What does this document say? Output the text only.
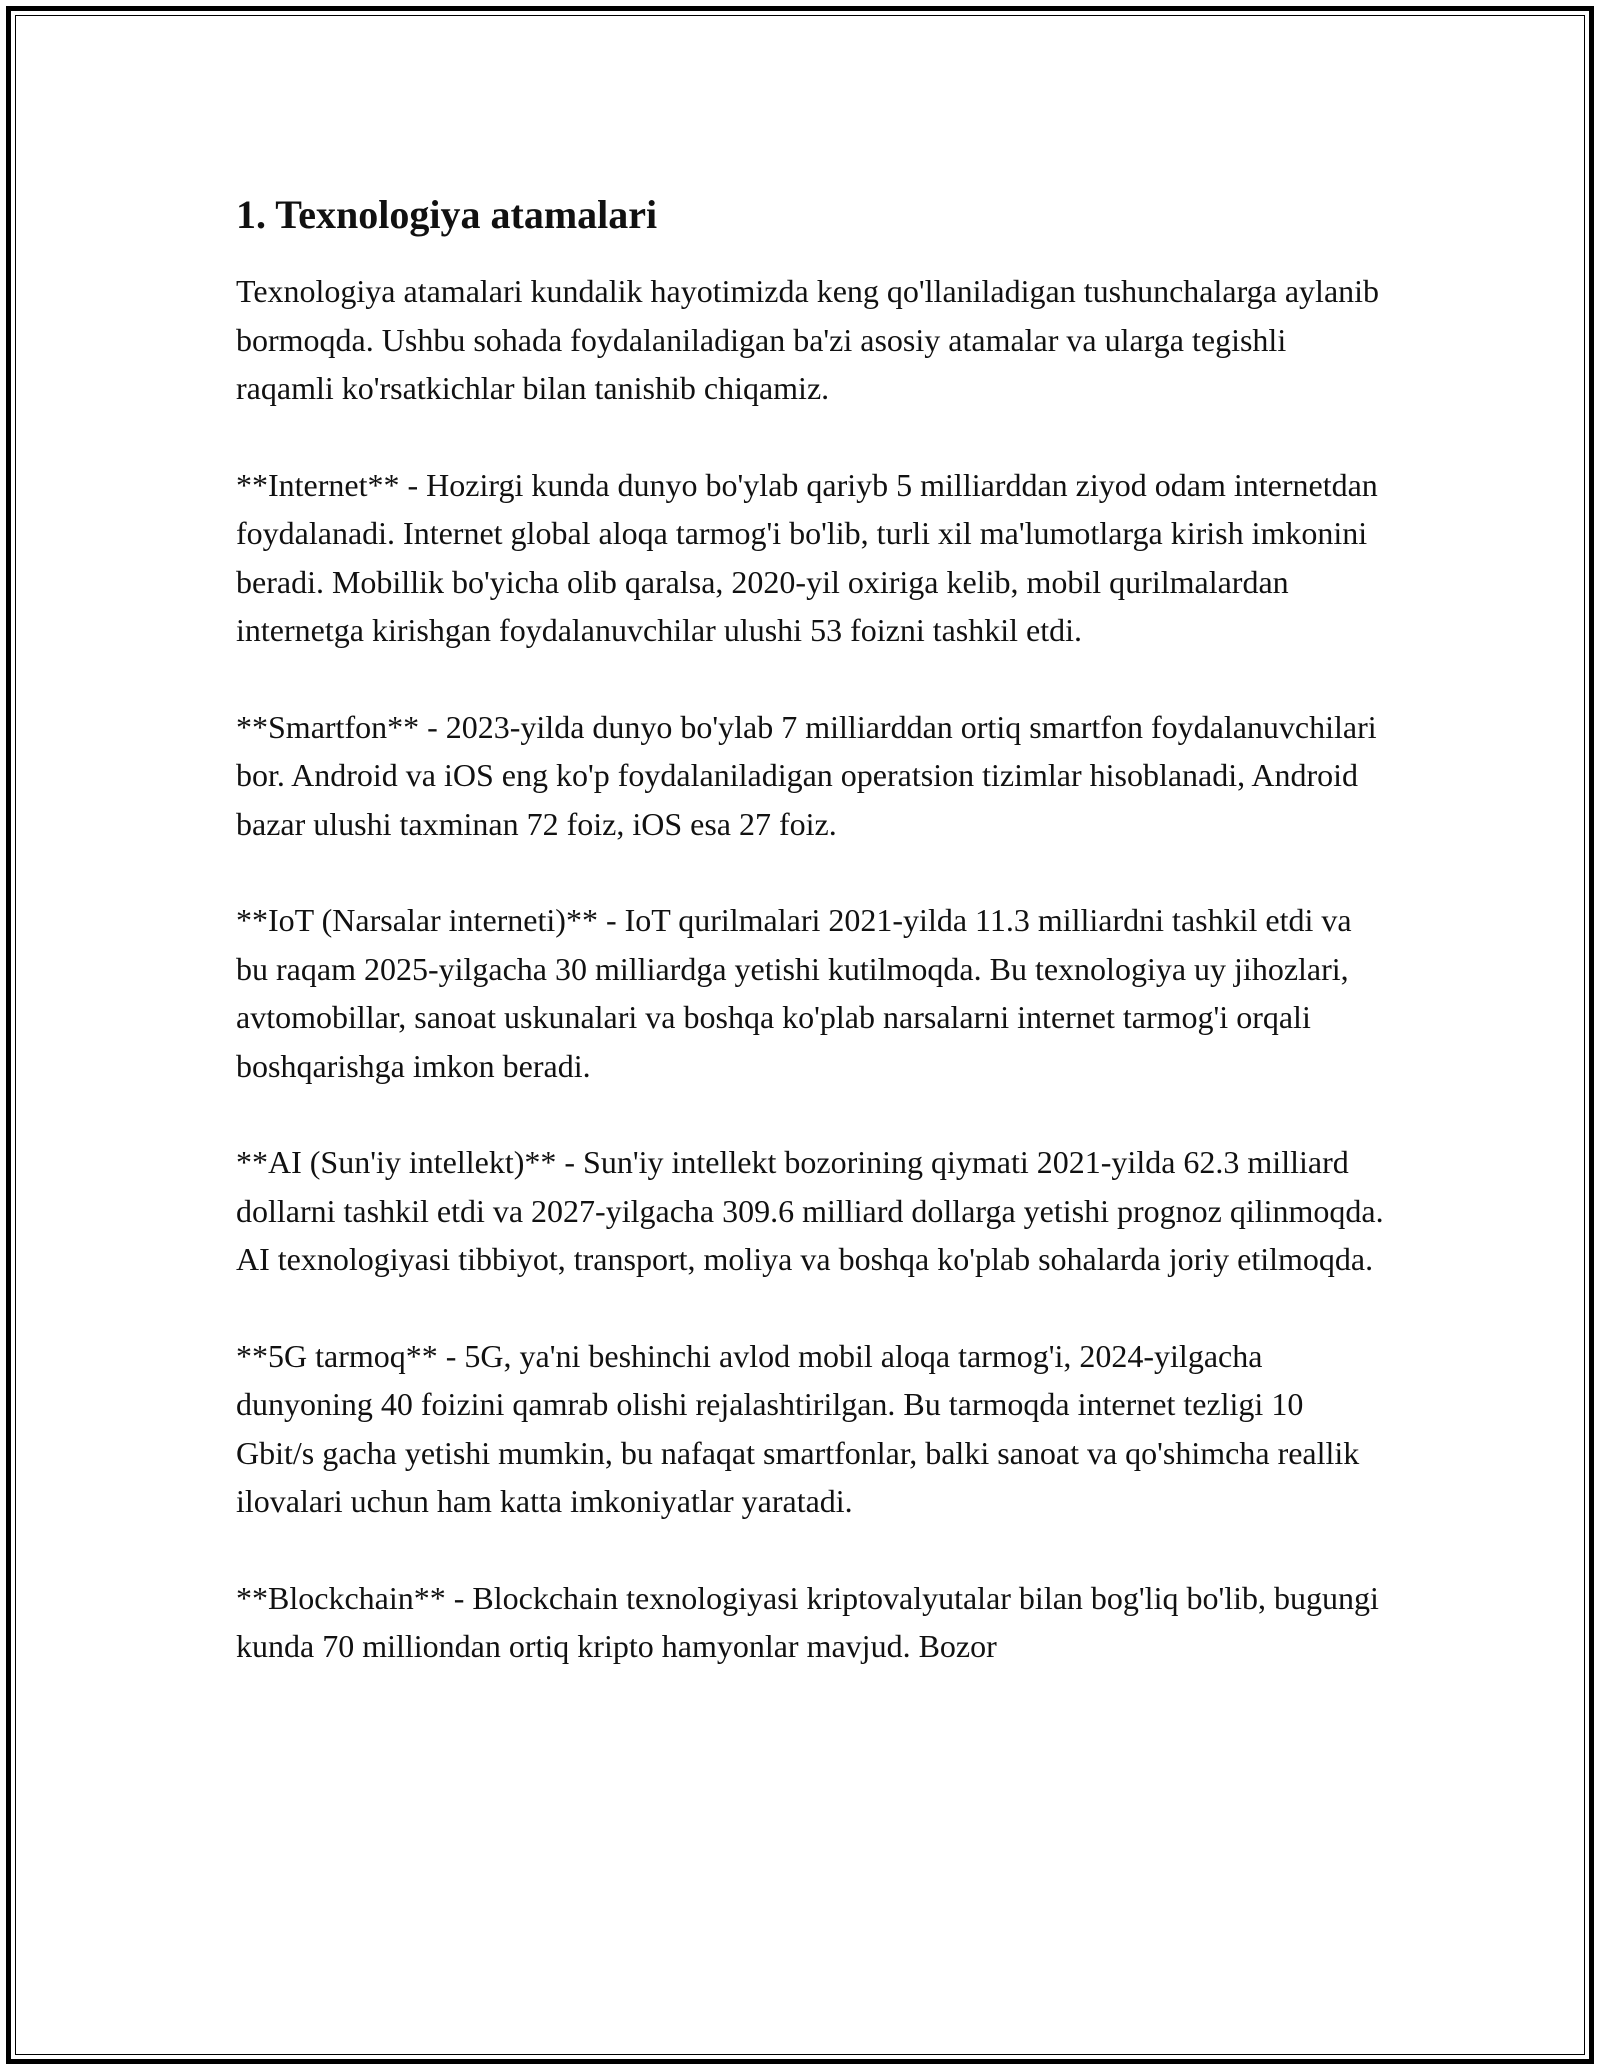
1. Texnologiya atamalari

Texnologiya atamalari kundalik hayotimizda keng qo'llaniladigan tushunchalarga aylanib bormoqda. Ushbu sohada foydalaniladigan ba'zi asosiy atamalar va ularga tegishli raqamli ko'rsatkichlar bilan tanishib chiqamiz.

**Internet** - Hozirgi kunda dunyo bo'ylab qariyb 5 milliarddan ziyod odam internetdan foydalanadi. Internet global aloqa tarmog'i bo'lib, turli xil ma'lumotlarga kirish imkonini beradi. Mobillik bo'yicha olib qaralsa, 2020-yil oxiriga kelib, mobil qurilmalardan internetga kirishgan foydalanuvchilar ulushi 53 foizni tashkil etdi.

**Smartfon** - 2023-yilda dunyo bo'ylab 7 milliarddan ortiq smartfon foydalanuvchilari bor. Android va iOS eng ko'p foydalaniladigan operatsion tizimlar hisoblanadi, Android bazar ulushi taxminan 72 foiz, iOS esa 27 foiz.

**IoT (Narsalar interneti)** - IoT qurilmalari 2021-yilda 11.3 milliardni tashkil etdi va bu raqam 2025-yilgacha 30 milliardga yetishi kutilmoqda. Bu texnologiya uy jihozlari, avtomobillar, sanoat uskunalari va boshqa ko'plab narsalarni internet tarmog'i orqali boshqarishga imkon beradi.

**AI (Sun'iy intellekt)** - Sun'iy intellekt bozorining qiymati 2021-yilda 62.3 milliard dollarni tashkil etdi va 2027-yilgacha 309.6 milliard dollarga yetishi prognoz qilinmoqda. AI texnologiyasi tibbiyot, transport, moliya va boshqa ko'plab sohalarda joriy etilmoqda.

**5G tarmoq** - 5G, ya'ni beshinchi avlod mobil aloqa tarmog'i, 2024-yilgacha dunyoning 40 foizini qamrab olishi rejalashtirilgan. Bu tarmoqda internet tezligi 10 Gbit/s gacha yetishi mumkin, bu nafaqat smartfonlar, balki sanoat va qo'shimcha reallik ilovalari uchun ham katta imkoniyatlar yaratadi.

**Blockchain** - Blockchain texnologiyasi kriptovalyutalar bilan bog'liq bo'lib, bugungi kunda 70 milliondan ortiq kripto hamyonlar mavjud. Bozor
